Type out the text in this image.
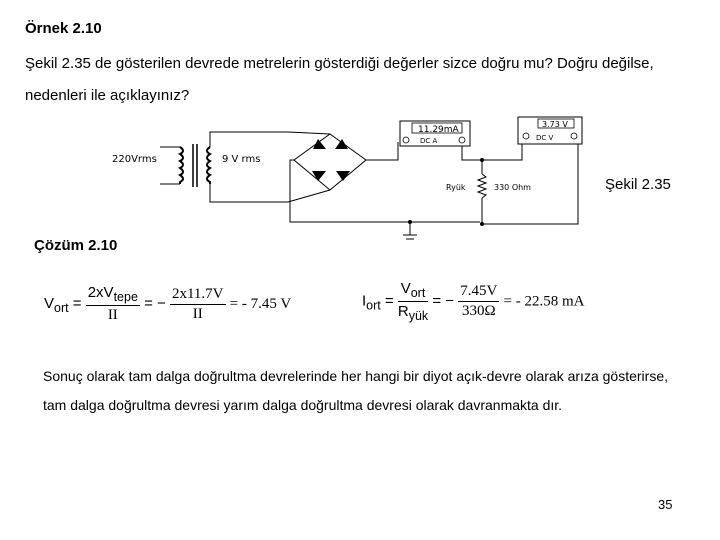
Örnek 2.10
Şekil 2.35 de gösterilen devrede metrelerin gösterdiği değerler sizce doğru mu? Doğru değilse, nedenleri ile açıklayınız?
220Vrms	9 V rms
11.29mA
DC A
3.73 V
DC V
Ryük	330 Ohm	Şekil 2.35
Çözüm 2.10
$V_{ort} = \frac{2xV_{tepe}}{II}$ = − $\frac{2x11.7V}{II}$ = - 7.45 V	$I_{ort} = \frac{V_{ort}}{R_{yük}}$ = − $\frac{7.45V}{330\Omega}$ = - 22.58 mA
Sonuç olarak tam dalga doğrultma devrelerinde her hangi bir diyot açık-devre olarak arıza gösterirse, tam dalga doğrultma devresi yarım dalga doğrultma devresi olarak davranmakta dır.
35
